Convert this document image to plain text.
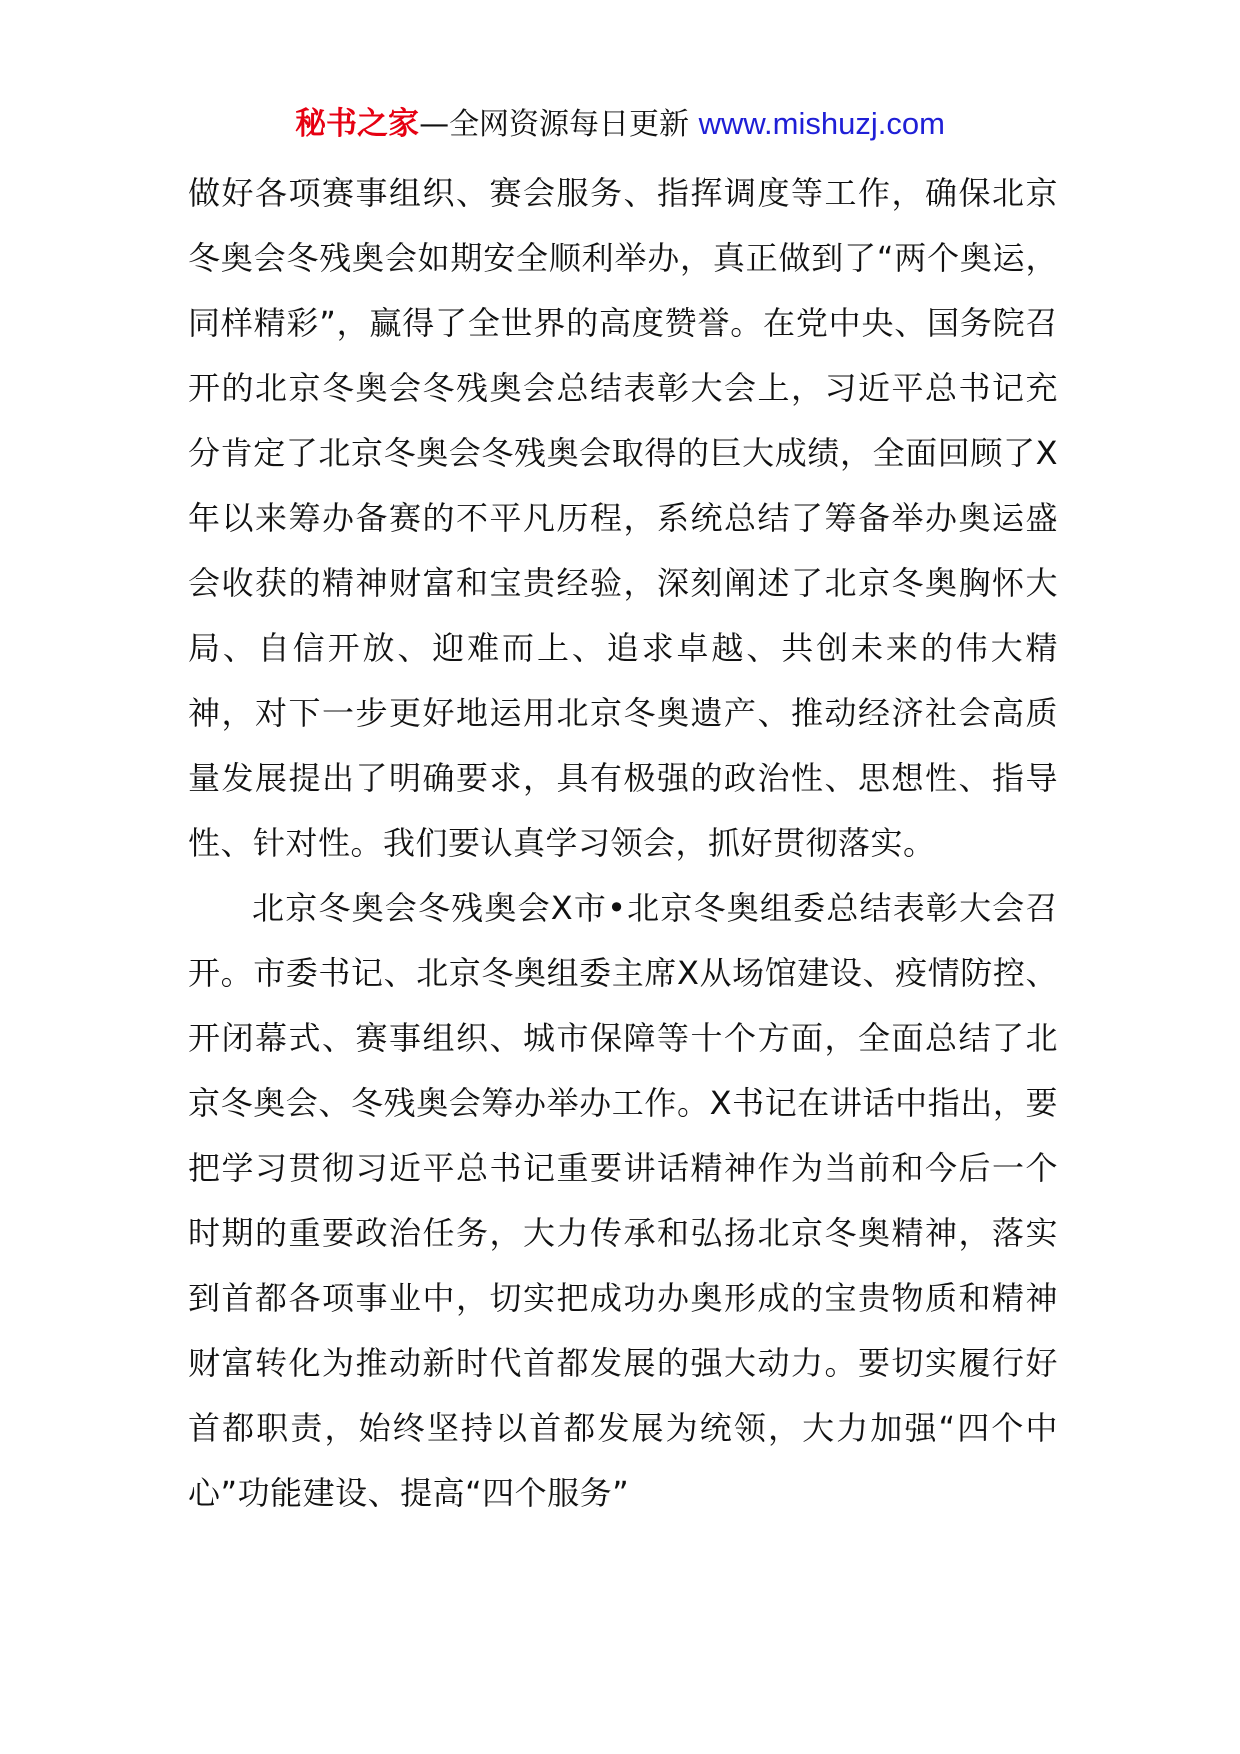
秘书之家—全网资源每日更新 www.mishuzj.com

做好各项赛事组织、赛会服务、指挥调度等工作，确保北京冬奥会冬残奥会如期安全顺利举办，真正做到了“两个奥运，同样精彩”，赢得了全世界的高度赞誉。在党中央、国务院召开的北京冬奥会冬残奥会总结表彰大会上，习近平总书记充分肯定了北京冬奥会冬残奥会取得的巨大成绩，全面回顾了X年以来筹办备赛的不平凡历程，系统总结了筹备举办奥运盛会收获的精神财富和宝贵经验，深刻阐述了北京冬奥胸怀大局、自信开放、迎难而上、追求卓越、共创未来的伟大精神，对下一步更好地运用北京冬奥遗产、推动经济社会高质量发展提出了明确要求，具有极强的政治性、思想性、指导性、针对性。我们要认真学习领会，抓好贯彻落实。

北京冬奥会冬残奥会X市•北京冬奥组委总结表彰大会召开。市委书记、北京冬奥组委主席X从场馆建设、疫情防控、开闭幕式、赛事组织、城市保障等十个方面，全面总结了北京冬奥会、冬残奥会筹办举办工作。X书记在讲话中指出，要把学习贯彻习近平总书记重要讲话精神作为当前和今后一个时期的重要政治任务，大力传承和弘扬北京冬奥精神，落实到首都各项事业中，切实把成功办奥形成的宝贵物质和精神财富转化为推动新时代首都发展的强大动力。要切实履行好首都职责，始终坚持以首都发展为统领，大力加强“四个中心”功能建设、提高“四个服务”
